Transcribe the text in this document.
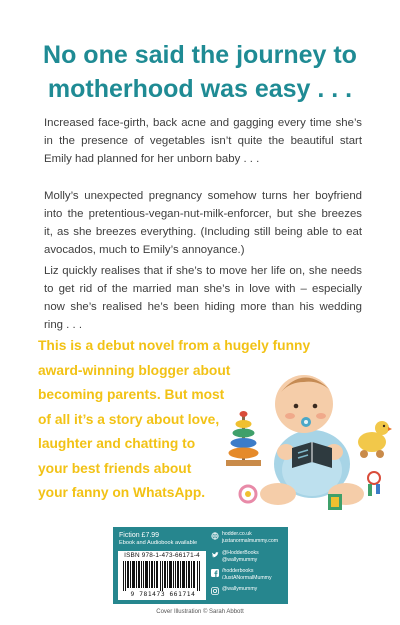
No one said the journey to
motherhood was easy . . .
Increased face-girth, back acne and gagging every time she’s in the presence of vegetables isn’t quite the beautiful start Emily had planned for her unborn baby . . .
Molly’s unexpected pregnancy somehow turns her boyfriend into the pretentious-vegan-nut-milk-enforcer, but she breezes it, as she breezes everything. (Including still being able to eat avocados, much to Emily’s annoyance.)
Liz quickly realises that if she’s to move her life on, she needs to get rid of the married man she’s in love with – especially now she’s realised he’s been hiding more than his wedding ring . . .
This is a debut novel from a hugely funny
award-winning blogger about
becoming parents. But most
of all it’s a story about love,
laughter and chatting to
your best friends about
your fanny on WhatsApp.
Fiction £7.99
Ebook and Audiobook available
ISBN 978-1-473-66171-4
9 781473 661714
hodder.co.uk
justanormalmummy.com
@HodderBooks
@wallymummy
/hodderbooks
/JustANormalMummy
@wallymummy
Cover Illustration © Sarah Abbott
